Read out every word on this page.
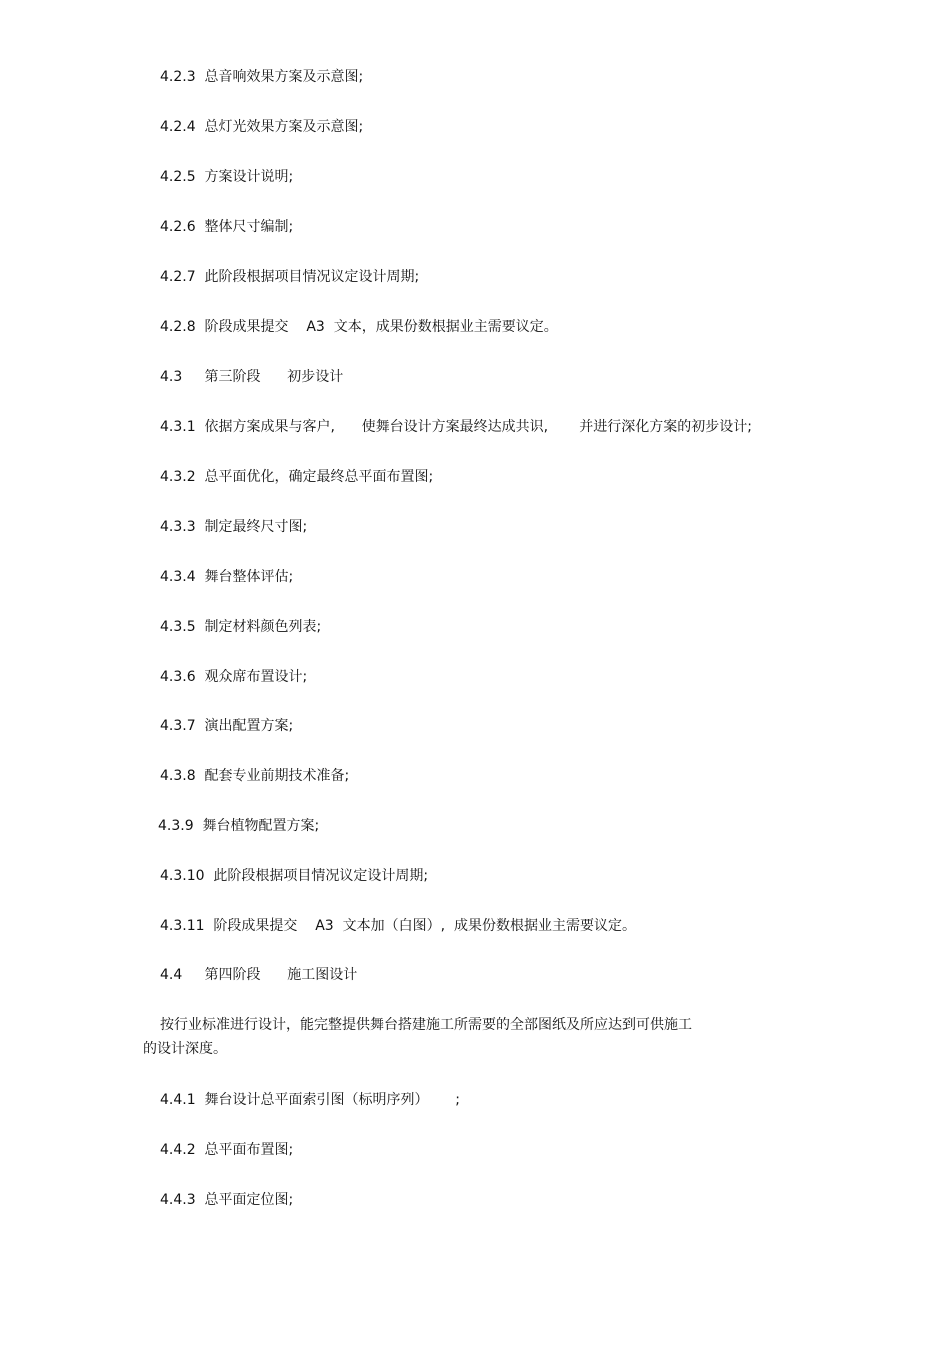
4.2.3  总音响效果方案及示意图;
4.2.4  总灯光效果方案及示意图;
4.2.5  方案设计说明;
4.2.6  整体尺寸编制;
4.2.7  此阶段根据项目情况议定设计周期;
4.2.8  阶段成果提交    A3  文本，成果份数根据业主需要议定。
4.3     第三阶段      初步设计
4.3.1  依据方案成果与客户,      使舞台设计方案最终达成共识,       并进行深化方案的初步设计;
4.3.2  总平面优化，确定最终总平面布置图;
4.3.3  制定最终尺寸图;
4.3.4  舞台整体评估;
4.3.5  制定材料颜色列表;
4.3.6  观众席布置设计;
4.3.7  演出配置方案;
4.3.8  配套专业前期技术准备;
4.3.9  舞台植物配置方案;
4.3.10  此阶段根据项目情况议定设计周期;
4.3.11  阶段成果提交    A3  文本加（白图）,  成果份数根据业主需要议定。
4.4     第四阶段      施工图设计
按行业标准进行设计，能完整提供舞台搭建施工所需要的全部图纸及所应达到可供施工
的设计深度。
4.4.1  舞台设计总平面索引图（标明序列）      ;
4.4.2  总平面布置图;
4.4.3  总平面定位图;
